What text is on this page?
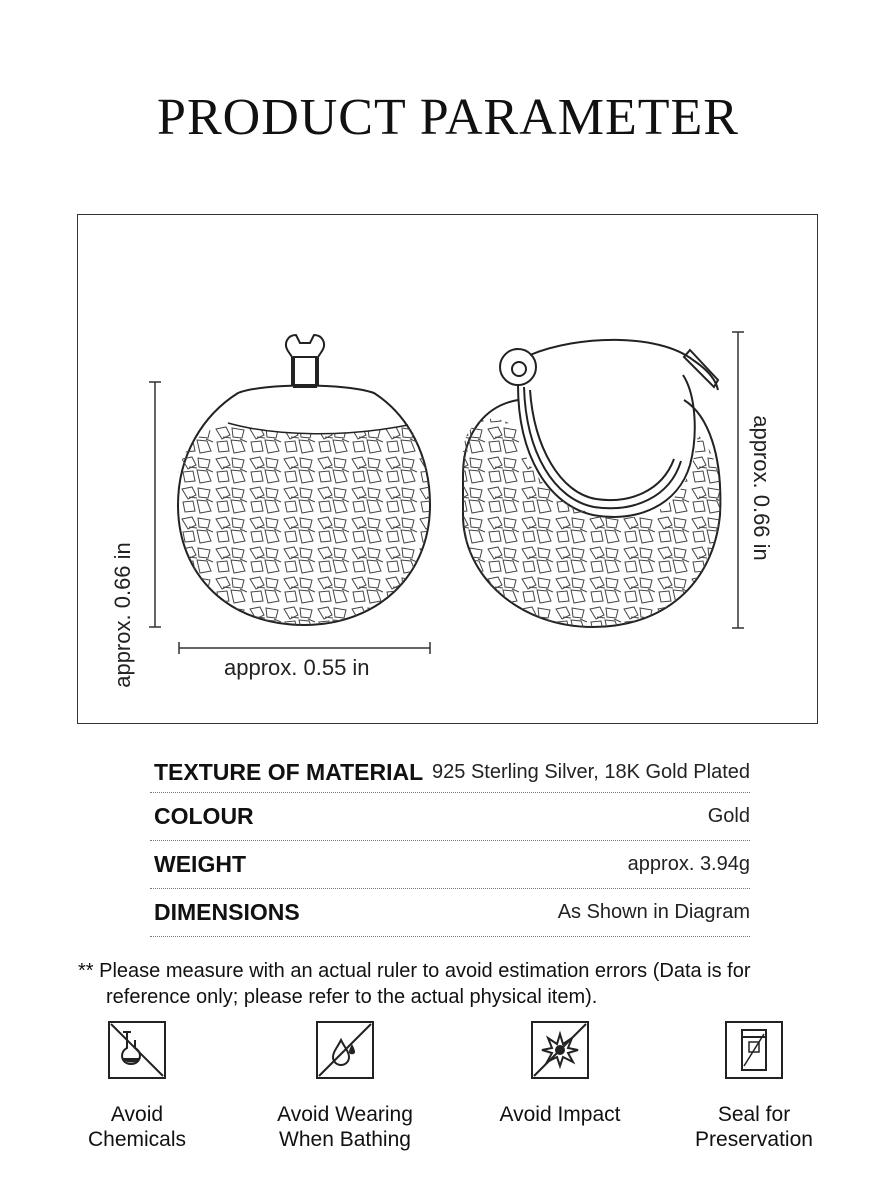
PRODUCT PARAMETER
approx. 0.66 in
approx. 0.66 in
approx. 0.55 in
TEXTURE OF MATERIAL 925 Sterling Silver, 18K Gold Plated
COLOUR	Gold
WEIGHT	approx. 3.94g
DIMENSIONS	As Shown in Diagram
** Please measure with an actual ruler to avoid estimation errors (Data is for
reference only; please refer to the actual physical item).
Avoid
Chemicals
Avoid Wearing
When Bathing
Avoid Impact	Seal for
Preservation
